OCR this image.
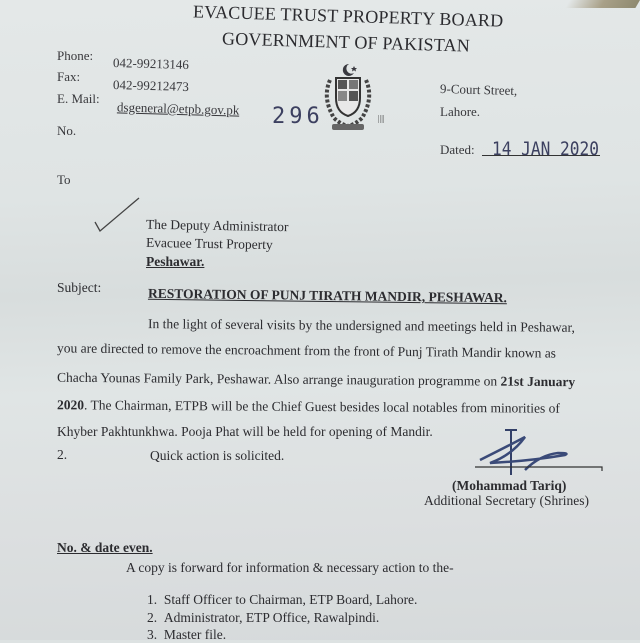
EVACUEE TRUST PROPERTY BOARD
GOVERNMENT OF PAKISTAN
Phone: 042-99213146
Fax:
042-99212473
E. Mail:
dsgeneral@etpb.gov.pk 296
No.
||||
9-Court Street,
Lahore.
Dated: 14 JAN 2020
To
The Deputy Administrator
Evacuee Trust Property
Peshawar.
Subject:	RESTORATION OF PUNJ TIRATH MANDIR, PESHAWAR.
In the light of several visits by the undersigned and meetings held in Peshawar,
you are directed to remove the encroachment from the front of Punj Tirath Mandir known as
Chacha Younas Family Park, Peshawar. Also arrange inauguration programme on 21st January
2020. The Chairman, ETPB will be the Chief Guest besides local notables from minorities of
Khyber Pakhtunkhwa. Pooja Phat will be held for opening of Mandir.
2.	Quick action is solicited.
(Mohammad Tariq)
Additional Secretary (Shrines)
No. & date even.
A copy is forward for information & necessary action to the-
1. Staff Officer to Chairman, ETP Board, Lahore.
2. Administrator, ETP Office, Rawalpindi.
3. Master file.
